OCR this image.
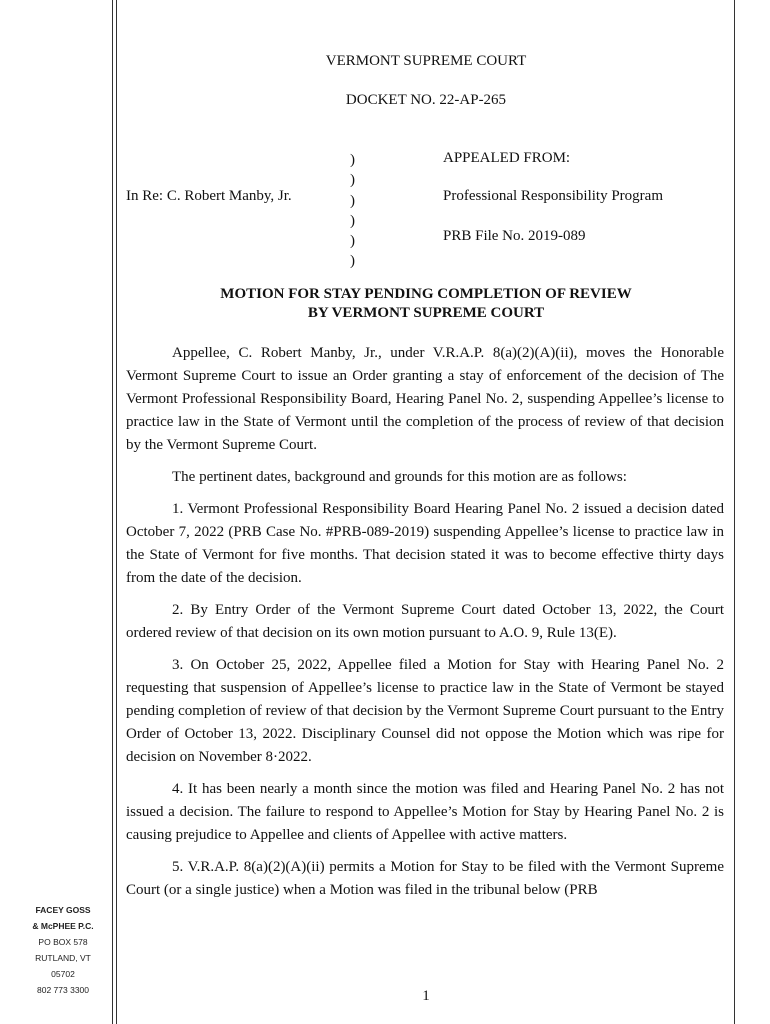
FACEY GOSS
& McPHEE P.C.
PO BOX 578
RUTLAND, VT
05702
802 773 3300
VERMONT SUPREME COURT
DOCKET NO. 22-AP-265
)
)
)
)
)
)
In Re: C. Robert Manby, Jr.
APPEALED FROM:
Professional Responsibility Program
PRB File No. 2019-089
MOTION FOR STAY PENDING COMPLETION OF REVIEW
BY VERMONT SUPREME COURT

Appellee, C. Robert Manby, Jr., under V.R.A.P. 8(a)(2)(A)(ii), moves the Honorable Vermont Supreme Court to issue an Order granting a stay of enforcement of the decision of The Vermont Professional Responsibility Board, Hearing Panel No. 2, suspending Appellee’s license to practice law in the State of Vermont until the completion of the process of review of that decision by the Vermont Supreme Court.

The pertinent dates, background and grounds for this motion are as follows:

1. Vermont Professional Responsibility Board Hearing Panel No. 2 issued a decision dated October 7, 2022 (PRB Case No. #PRB-089-2019) suspending Appellee’s license to practice law in the State of Vermont for five months. That decision stated it was to become effective thirty days from the date of the decision.

2. By Entry Order of the Vermont Supreme Court dated October 13, 2022, the Court ordered review of that decision on its own motion pursuant to A.O. 9, Rule 13(E).

3. On October 25, 2022, Appellee filed a Motion for Stay with Hearing Panel No. 2 requesting that suspension of Appellee’s license to practice law in the State of Vermont be stayed pending completion of review of that decision by the Vermont Supreme Court pursuant to the Entry Order of October 13, 2022. Disciplinary Counsel did not oppose the Motion which was ripe for decision on November 8·2022.

4. It has been nearly a month since the motion was filed and Hearing Panel No. 2 has not issued a decision. The failure to respond to Appellee’s Motion for Stay by Hearing Panel No. 2 is causing prejudice to Appellee and clients of Appellee with active matters.

5. V.R.A.P. 8(a)(2)(A)(ii) permits a Motion for Stay to be filed with the Vermont Supreme Court (or a single justice) when a Motion was filed in the tribunal below (PRB

1
